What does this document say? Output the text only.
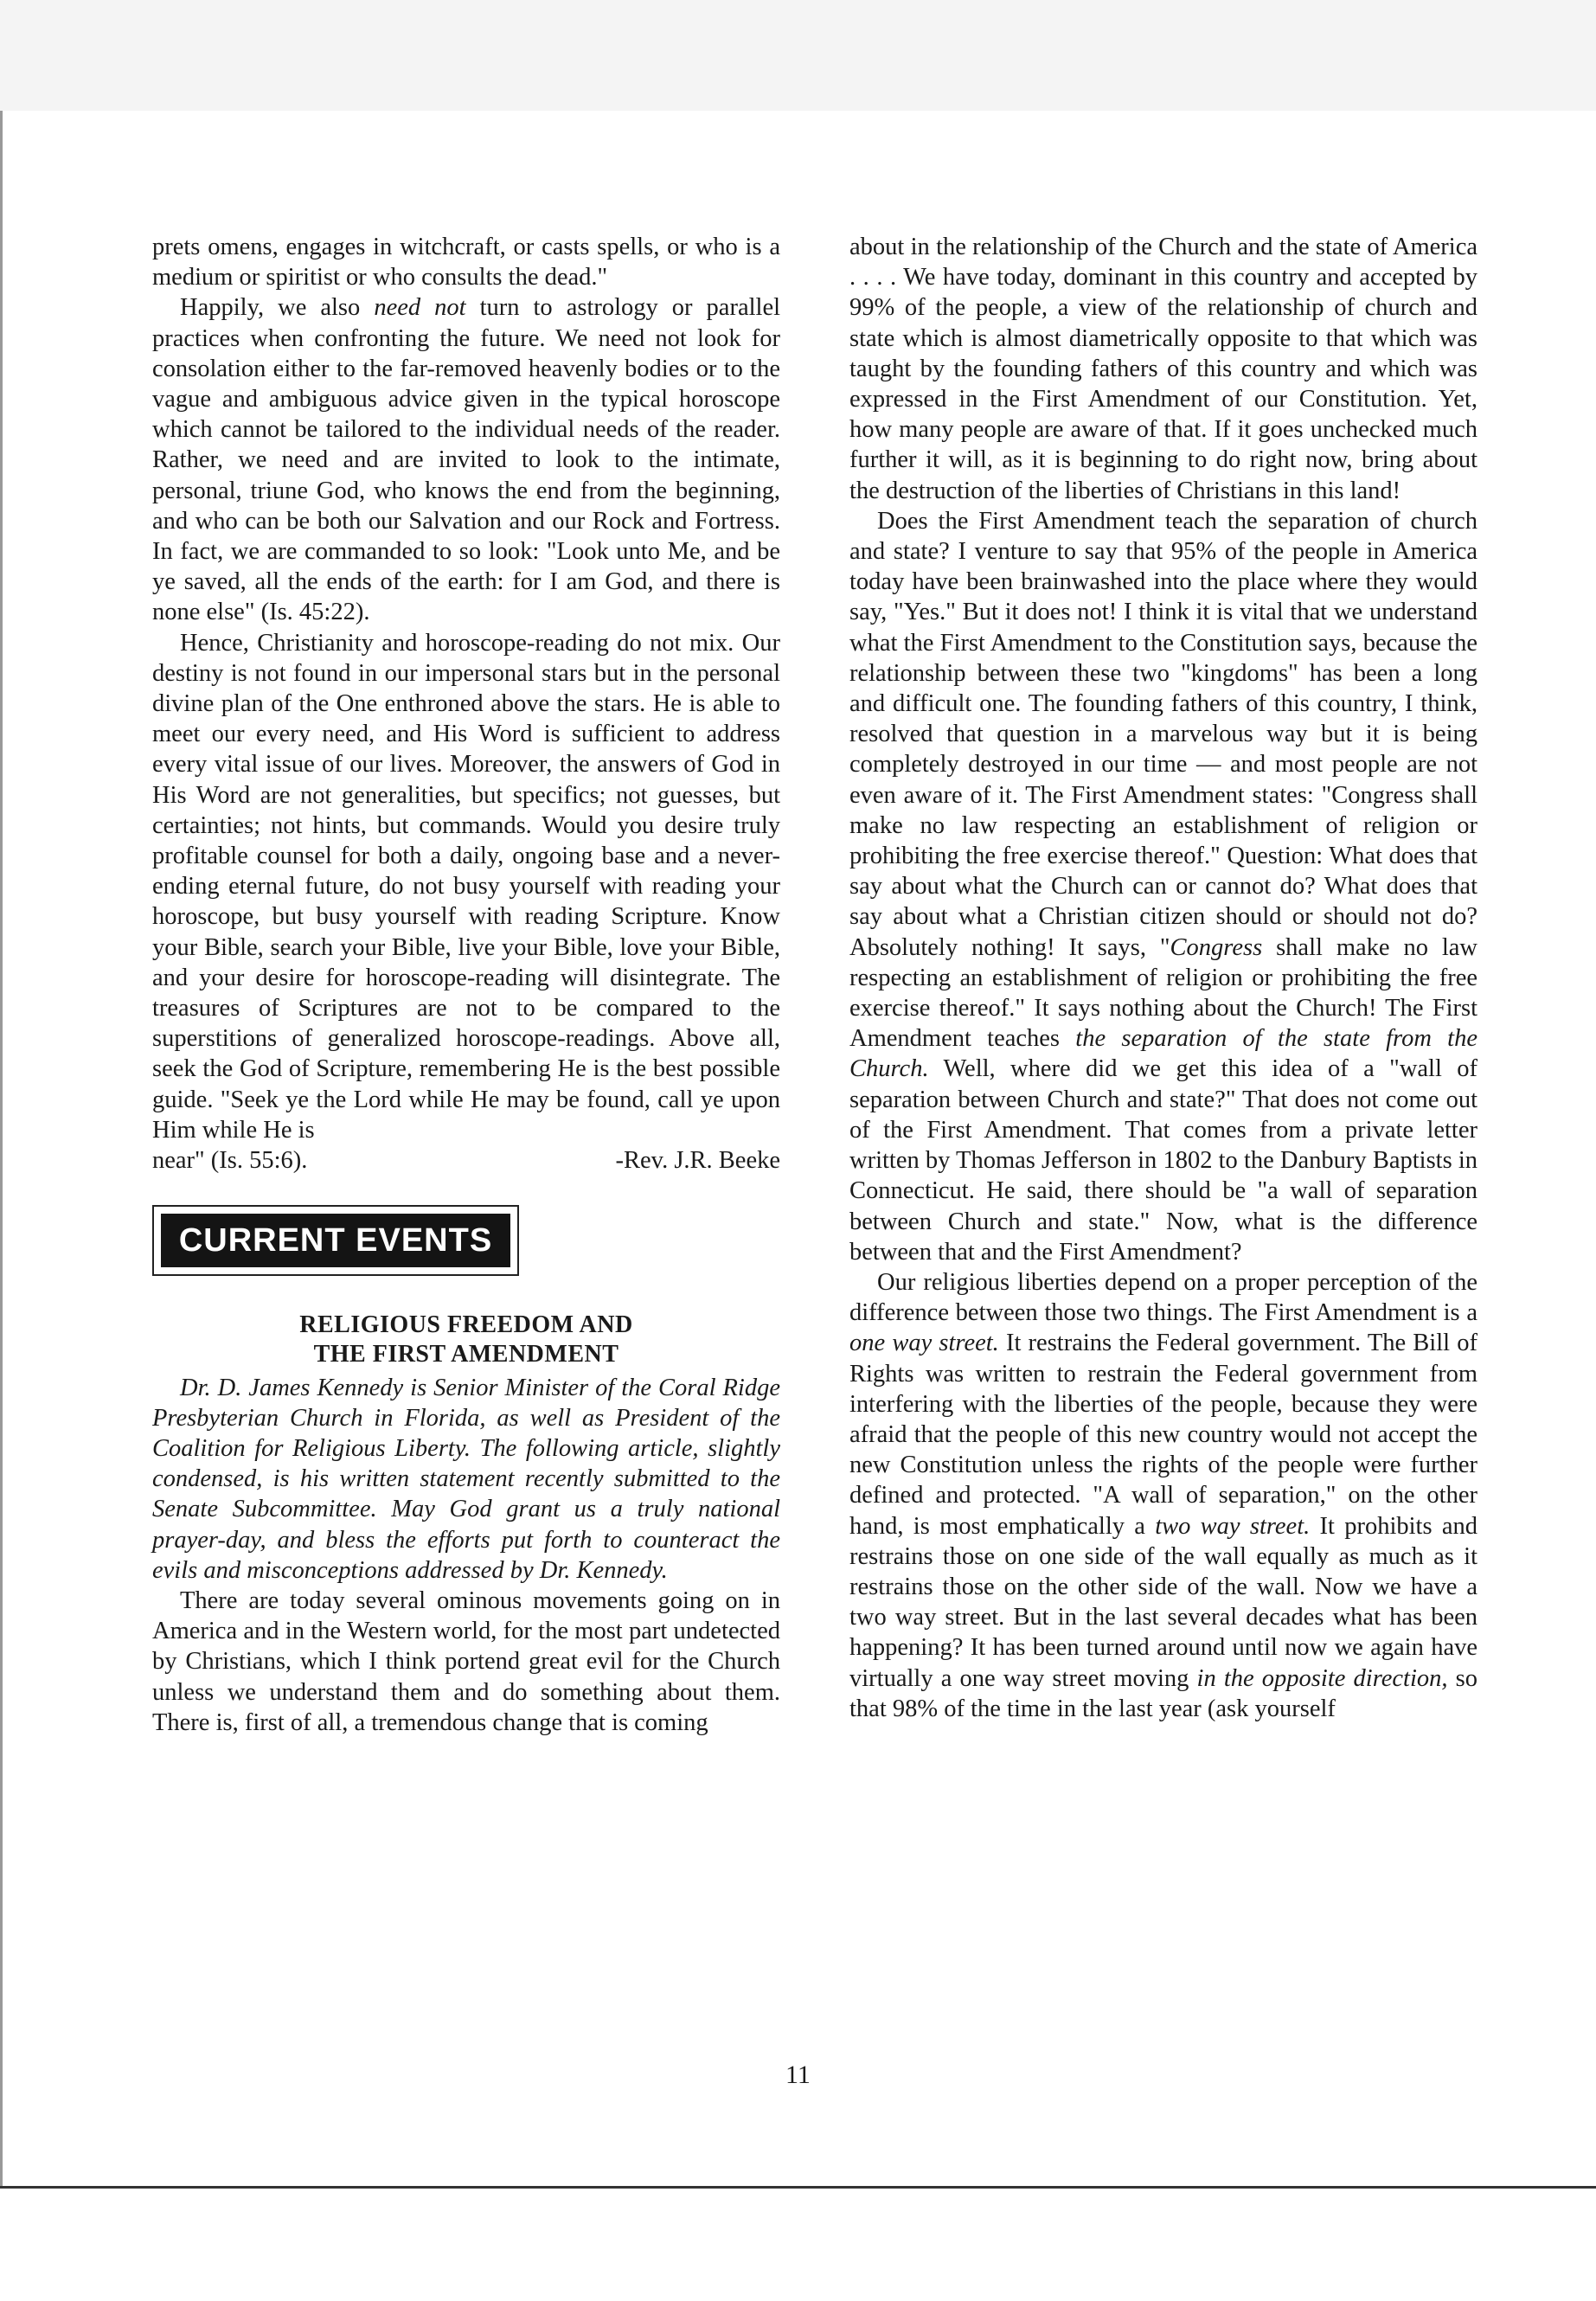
prets omens, engages in witchcraft, or casts spells, or who is a medium or spiritist or who consults the dead."

Happily, we also need not turn to astrology or parallel practices when confronting the future. We need not look for consolation either to the far-removed heavenly bodies or to the vague and ambiguous advice given in the typical horoscope which cannot be tailored to the individual needs of the reader. Rather, we need and are invited to look to the intimate, personal, triune God, who knows the end from the beginning, and who can be both our Salvation and our Rock and Fortress. In fact, we are commanded to so look: "Look unto Me, and be ye saved, all the ends of the earth: for I am God, and there is none else" (Is. 45:22).

Hence, Christianity and horoscope-reading do not mix. Our destiny is not found in our impersonal stars but in the personal divine plan of the One enthroned above the stars. He is able to meet our every need, and His Word is sufficient to address every vital issue of our lives. Moreover, the answers of God in His Word are not generalities, but specifics; not guesses, but certainties; not hints, but commands. Would you desire truly profitable counsel for both a daily, ongoing base and a never-ending eternal future, do not busy yourself with reading your horoscope, but busy yourself with reading Scripture. Know your Bible, search your Bible, live your Bible, love your Bible, and your desire for horoscope-reading will disintegrate. The treasures of Scriptures are not to be compared to the superstitions of generalized horoscope-readings. Above all, seek the God of Scripture, remembering He is the best possible guide. "Seek ye the Lord while He may be found, call ye upon Him while He is

near" (Is. 55:6).	-Rev. J.R. Beeke
CURRENT EVENTS
RELIGIOUS FREEDOM AND
THE FIRST AMENDMENT

Dr. D. James Kennedy is Senior Minister of the Coral Ridge Presbyterian Church in Florida, as well as President of the Coalition for Religious Liberty. The following article, slightly condensed, is his written statement recently submitted to the Senate Subcommittee. May God grant us a truly national prayer-day, and bless the efforts put forth to counteract the evils and misconceptions addressed by Dr. Kennedy.

There are today several ominous movements going on in America and in the Western world, for the most part undetected by Christians, which I think portend great evil for the Church unless we understand them and do something about them. There is, first of all, a tremendous change that is coming

about in the relationship of the Church and the state of America . . . . We have today, dominant in this country and accepted by 99% of the people, a view of the relationship of church and state which is almost diametrically opposite to that which was taught by the founding fathers of this country and which was expressed in the First Amendment of our Constitution. Yet, how many people are aware of that. If it goes unchecked much further it will, as it is beginning to do right now, bring about the destruction of the liberties of Christians in this land!

Does the First Amendment teach the separation of church and state? I venture to say that 95% of the people in America today have been brainwashed into the place where they would say, "Yes." But it does not! I think it is vital that we understand what the First Amendment to the Constitution says, because the relationship between these two "kingdoms" has been a long and difficult one. The founding fathers of this country, I think, resolved that question in a marvelous way but it is being completely destroyed in our time — and most people are not even aware of it. The First Amendment states: "Congress shall make no law respecting an establishment of religion or prohibiting the free exercise thereof." Question: What does that say about what the Church can or cannot do? What does that say about what a Christian citizen should or should not do? Absolutely nothing! It says, "Congress shall make no law respecting an establishment of religion or prohibiting the free exercise thereof." It says nothing about the Church! The First Amendment teaches the separation of the state from the Church. Well, where did we get this idea of a "wall of separation between Church and state?" That does not come out of the First Amendment. That comes from a private letter written by Thomas Jefferson in 1802 to the Danbury Baptists in Connecticut. He said, there should be "a wall of separation between Church and state." Now, what is the difference between that and the First Amendment?

Our religious liberties depend on a proper perception of the difference between those two things. The First Amendment is a one way street. It restrains the Federal government. The Bill of Rights was written to restrain the Federal government from interfering with the liberties of the people, because they were afraid that the people of this new country would not accept the new Constitution unless the rights of the people were further defined and protected. "A wall of separation," on the other hand, is most emphatically a two way street. It prohibits and restrains those on one side of the wall equally as much as it restrains those on the other side of the wall. Now we have a two way street. But in the last several decades what has been happening? It has been turned around until now we again have virtually a one way street moving in the opposite direction, so that 98% of the time in the last year (ask yourself

11
